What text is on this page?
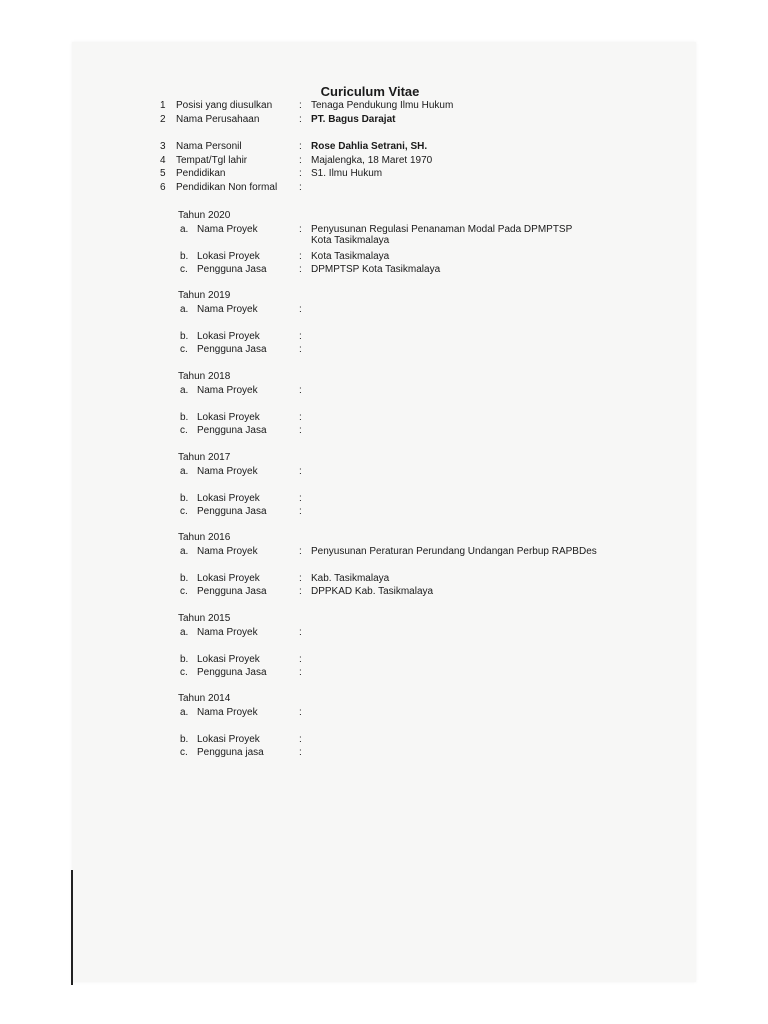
Curiculum Vitae
1 Posisi yang diusulkan	: Tenaga Pendukung Ilmu Hukum
2 Nama Perusahaan	: PT. Bagus Darajat
3 Nama Personil	: Rose Dahlia Setrani, SH.
4 Tempat/Tgl lahir	: Majalengka, 18 Maret 1970
5 Pendidikan	: S1. Ilmu Hukum
6 Pendidikan Non formal :
Tahun 2020
a. Nama Proyek	: Penyusunan Regulasi Penanaman Modal Pada DPMPTSP
Kota Tasikmalaya
b. Lokasi Proyek	: Kota Tasikmalaya
c. Pengguna Jasa	: DPMPTSP Kota Tasikmalaya
Tahun 2019
a. Nama Proyek	:
b. Lokasi Proyek	:
c. Pengguna Jasa	:
Tahun 2018
a. Nama Proyek	:
b. Lokasi Proyek	:
c. Pengguna Jasa	:
Tahun 2017
a. Nama Proyek	:
b. Lokasi Proyek	:
c. Pengguna Jasa	:
Tahun 2016
a. Nama Proyek	: Penyusunan Peraturan Perundang Undangan Perbup RAPBDes
b. Lokasi Proyek	: Kab. Tasikmalaya
c. Pengguna Jasa	: DPPKAD Kab. Tasikmalaya
Tahun 2015
a. Nama Proyek	:
b. Lokasi Proyek	:
c. Pengguna Jasa	:
Tahun 2014
a. Nama Proyek	:
b. Lokasi Proyek	:
c. Pengguna jasa	:
